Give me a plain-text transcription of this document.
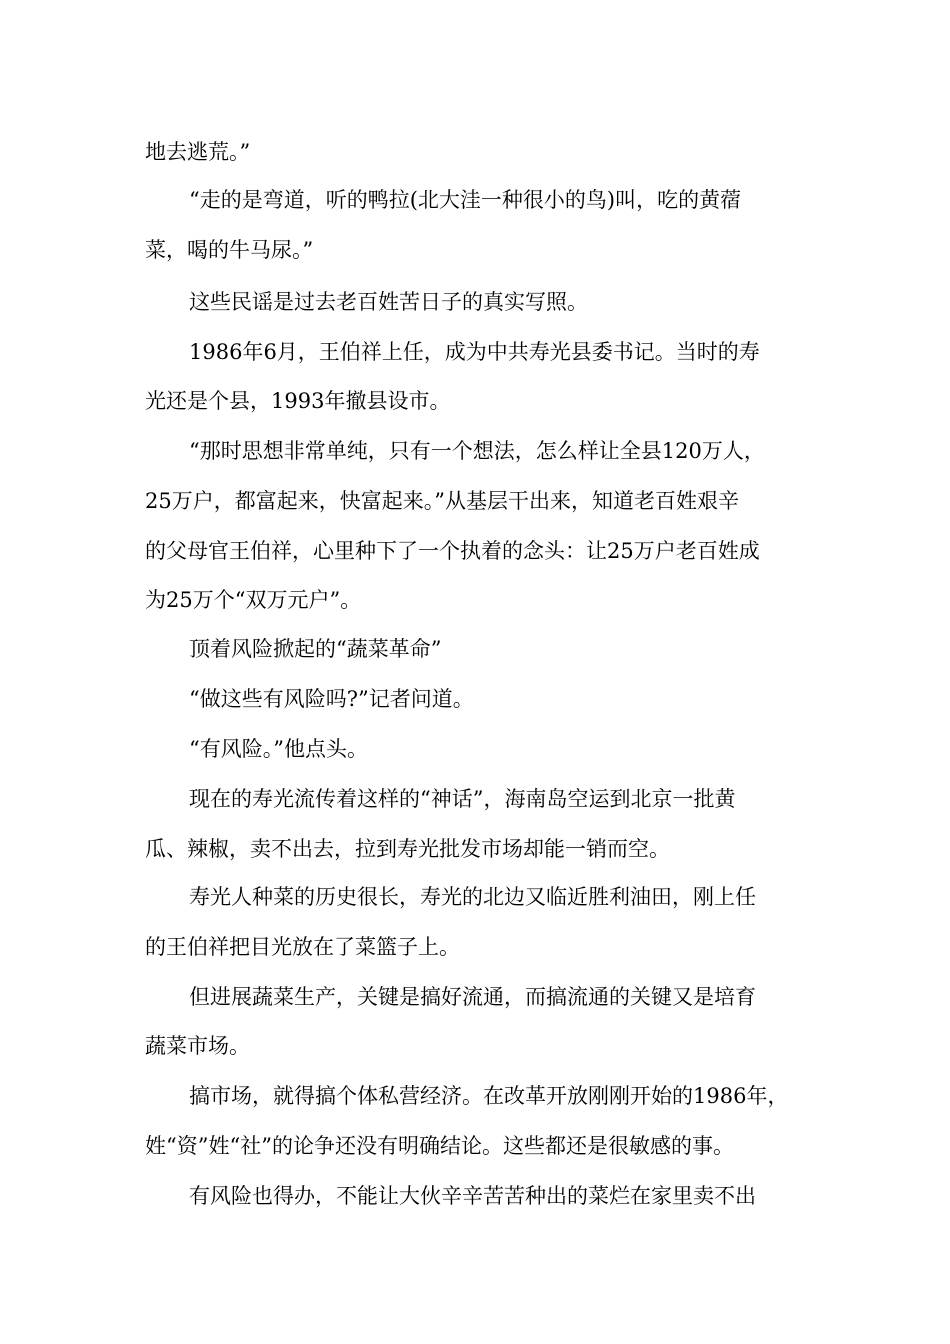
地去逃荒。”
“走的是弯道，听的鸭拉(北大洼一种很小的鸟)叫，吃的黄蓿
菜，喝的牛马尿。”
这些民谣是过去老百姓苦日子的真实写照。
1986年6月，王伯祥上任，成为中共寿光县委书记。当时的寿
光还是个县，1993年撤县设市。
“那时思想非常单纯，只有一个想法，怎么样让全县120万人，
25万户，都富起来，快富起来。”从基层干出来，知道老百姓艰辛
的父母官王伯祥，心里种下了一个执着的念头：让25万户老百姓成
为25万个“双万元户”。
顶着风险掀起的“蔬菜革命”
“做这些有风险吗?”记者问道。
“有风险。”他点头。
现在的寿光流传着这样的“神话”，海南岛空运到北京一批黄
瓜、辣椒，卖不出去，拉到寿光批发市场却能一销而空。
寿光人种菜的历史很长，寿光的北边又临近胜利油田，刚上任
的王伯祥把目光放在了菜篮子上。
但进展蔬菜生产，关键是搞好流通，而搞流通的关键又是培育
蔬菜市场。
搞市场，就得搞个体私营经济。在改革开放刚刚开始的1986年，
姓“资”姓“社”的论争还没有明确结论。这些都还是很敏感的事。
有风险也得办，不能让大伙辛辛苦苦种出的菜烂在家里卖不出
